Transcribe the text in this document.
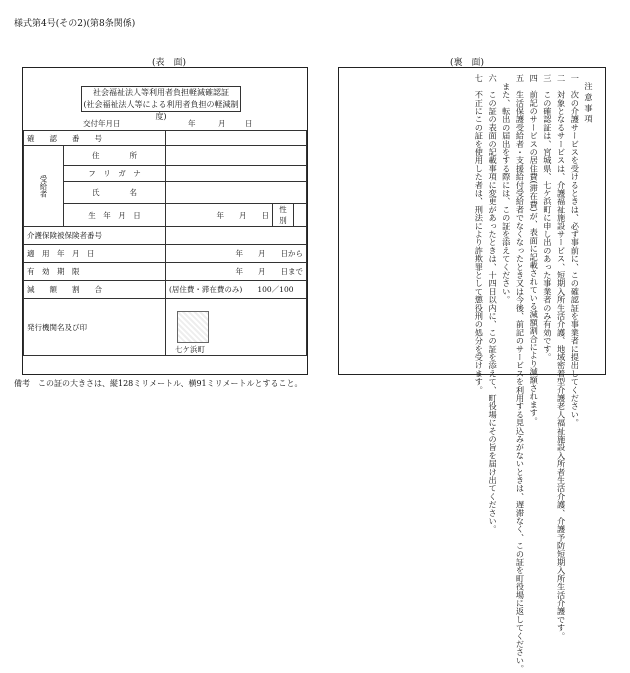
様式第4号(その2)(第8条関係)
(表　面)	(裏　面)
社会福祉法人等利用者負担軽減確認証
(社会福祉法人等による利用者負担の軽減制度)
交付年月日	年	月	日
確　　認　　番　　号				
受給者	住　　　　所			
	フ　リ　ガ　ナ			
	氏　　　　名			
	生　年　月　日	年　　 月　　 日	性別	
介護保険被保険者番号				
適　用　年　月　日		年　　 月　　 日から		
有　効　期　限		年　　 月　　 日まで		
減　　額　　割　　合		(居住費・滞在費のみ)　　100／100		
発行機関名及び印		七ケ浜町		
注 意 事 項
一　次の介護サービスを受けるときは、必ず事前に、この確認証を事業者に提出してください。
二　対象となるサービスは、介護福祉施設サービス、短期入所生活介護、地域密着型介護老人福祉施設入所者生活介護、介護予防短期入所生活介護です。
三　この確認証は、宮城県、七ケ浜町に申し出のあった事業者のみ有効です。
四　前記のサービスの居住費(滞在費)が、表面に記載されている減額割合により減額されます。
五　生活保護受給者・支援給付受給者でなくなったとき又は今後、前記のサービスを利用する見込みがないときは、遅滞なく、この証を町役場に返してください。
　また、転出の届出をする際には、この証を添えてください。
六　この証の表面の記載事項に変更があったときは、十四日以内に、この証を添えて、町役場にその旨を届け出てください。
七　不正にこの証を使用した者は、刑法により詐欺罪として懲役刑の処分を受けます。
備考　この証の大きさは、縦128ミリメートル、横91ミリメートルとすること。
